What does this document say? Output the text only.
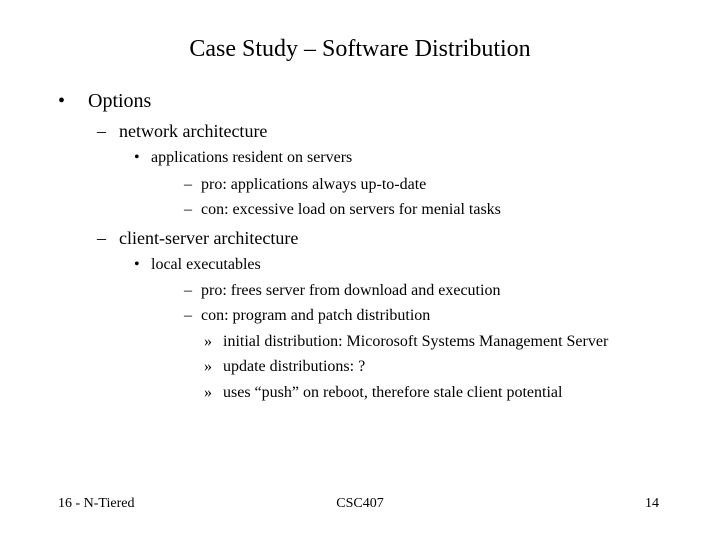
Case Study – Software Distribution
• Options
– network architecture
• applications resident on servers
– pro: applications always up-to-date
– con: excessive load on servers for menial tasks
– client-server architecture
• local executables
– pro: frees server from download and execution
– con: program and patch distribution
» initial distribution: Micorosoft Systems Management Server
» update distributions: ?
» uses “push” on reboot, therefore stale client potential
16 - N-Tiered	CSC407	14
